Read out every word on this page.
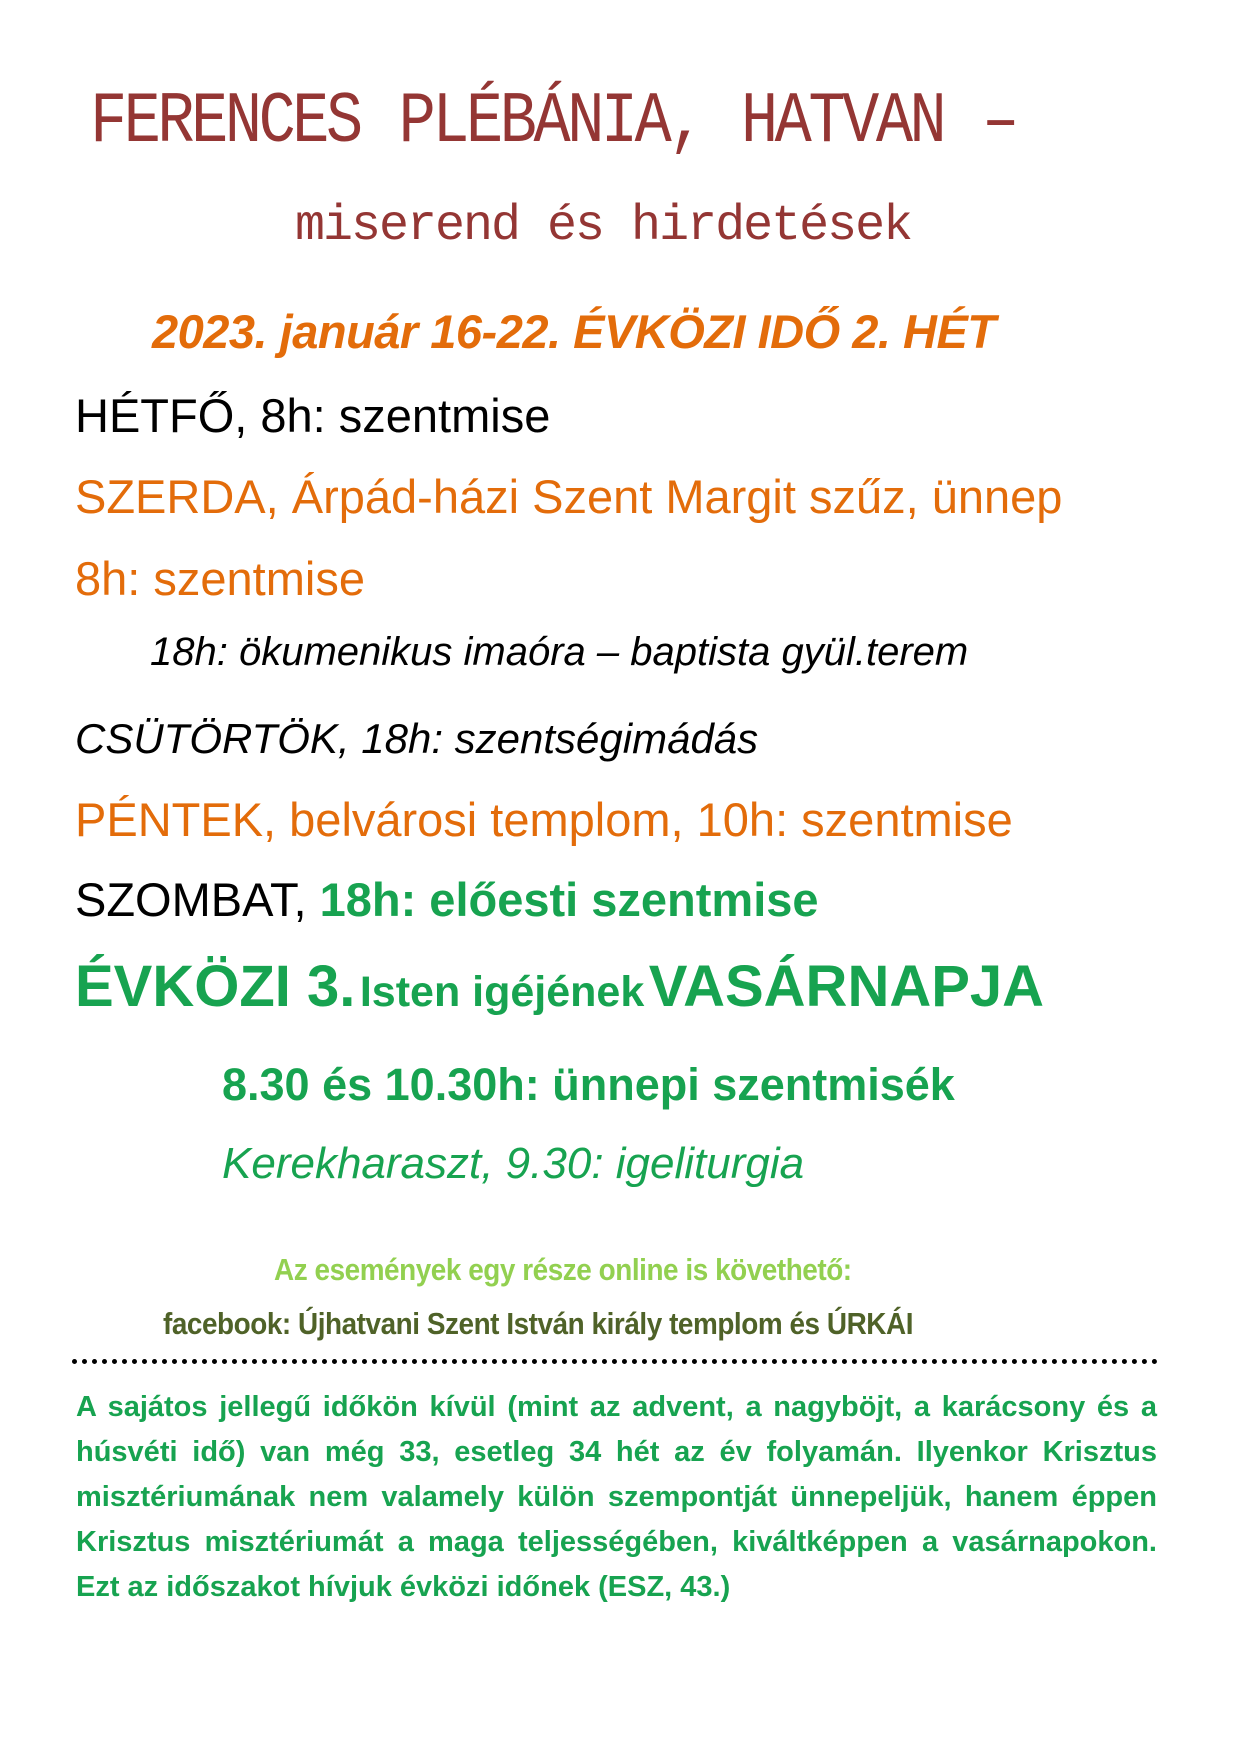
FERENCES PLÉBÁNIA, HATVAN –
miserend és hirdetések
2023. január 16-22. ÉVKÖZI IDŐ 2. HÉT
HÉTFŐ, 8h: szentmise
SZERDA, Árpád-házi Szent Margit szűz, ünnep
8h: szentmise
18h: ökumenikus imaóra – baptista gyül.terem
CSÜTÖRTÖK, 18h: szentségimádás
PÉNTEK, belvárosi templom, 10h: szentmise
SZOMBAT, 18h: előesti szentmise
ÉVKÖZI 3. Isten igéjének VASÁRNAPJA
8.30 és 10.30h: ünnepi szentmisék
Kerekharaszt, 9.30: igeliturgia
Az események egy része online is követhető:
facebook: Újhatvani Szent István király templom és ÚRKÁI
A sajátos jellegű időkön kívül (mint az advent, a nagyböjt, a karácsony és a húsvéti idő) van még 33, esetleg 34 hét az év folyamán. Ilyenkor Krisztus misztériumának nem valamely külön szempontját ünnepeljük, hanem éppen Krisztus misztériumát a maga teljességében, kiváltképpen a vasárnapokon. Ezt az időszakot hívjuk évközi időnek (ESZ, 43.)
